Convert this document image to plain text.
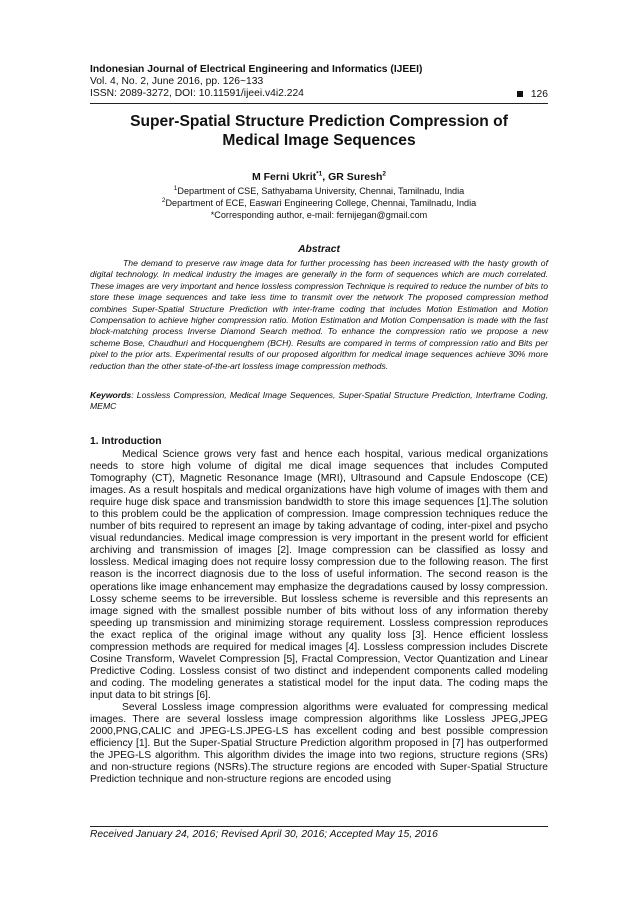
Indonesian Journal of Electrical Engineering and Informatics (IJEEI)
Vol. 4, No. 2, June 2016, pp. 126~133
ISSN: 2089-3272, DOI: 10.11591/ijeei.v4i2.224	126
Super-Spatial Structure Prediction Compression of
Medical Image Sequences
M Ferni Ukrit$^{*1}$, GR Suresh$^2$
$^1$Department of CSE, Sathyabama University, Chennai, Tamilnadu, India
$^2$Department of ECE, Easwari Engineering College, Chennai, Tamilnadu, India
*Corresponding author, e-mail: fernijegan@gmail.com
Abstract

The demand to preserve raw image data for further processing has been increased with the hasty growth of digital technology. In medical industry the images are generally in the form of sequences which are much correlated. These images are very important and hence lossless compression Technique is required to reduce the number of bits to store these image sequences and take less time to transmit over the network The proposed compression method combines Super-Spatial Structure Prediction with inter-frame coding that includes Motion Estimation and Motion Compensation to achieve higher compression ratio. Motion Estimation and Motion Compensation is made with the fast block-matching process Inverse Diamond Search method. To enhance the compression ratio we propose a new scheme Bose, Chaudhuri and Hocquenghem (BCH). Results are compared in terms of compression ratio and Bits per pixel to the prior arts. Experimental results of our proposed algorithm for medical image sequences achieve 30% more reduction than the other state-of-the-art lossless image compression methods.

Keywords: Lossless Compression, Medical Image Sequences, Super-Spatial Structure Prediction, Interframe Coding, MEMC
1. Introduction

Medical Science grows very fast and hence each hospital, various medical organizations needs to store high volume of digital me dical image sequences that includes Computed Tomography (CT), Magnetic Resonance Image (MRI), Ultrasound and Capsule Endoscope (CE) images. As a result hospitals and medical organizations have high volume of images with them and require huge disk space and transmission bandwidth to store this image sequences [1].The solution to this problem could be the application of compression. Image compression techniques reduce the number of bits required to represent an image by taking advantage of coding, inter-pixel and psycho visual redundancies. Medical image compression is very important in the present world for efficient archiving and transmission of images [2]. Image compression can be classified as lossy and lossless. Medical imaging does not require lossy compression due to the following reason. The first reason is the incorrect diagnosis due to the loss of useful information. The second reason is the operations like image enhancement may emphasize the degradations caused by lossy compression. Lossy scheme seems to be irreversible. But lossless scheme is reversible and this represents an image signed with the smallest possible number of bits without loss of any information thereby speeding up transmission and minimizing storage requirement. Lossless compression reproduces the exact replica of the original image without any quality loss [3]. Hence efficient lossless compression methods are required for medical images [4]. Lossless compression includes Discrete Cosine Transform, Wavelet Compression [5], Fractal Compression, Vector Quantization and Linear Predictive Coding. Lossless consist of two distinct and independent components called modeling and coding. The modeling generates a statistical model for the input data. The coding maps the input data to bit strings [6].

Several Lossless image compression algorithms were evaluated for compressing medical images. There are several lossless image compression algorithms like Lossless JPEG,JPEG 2000,PNG,CALIC and JPEG-LS.JPEG-LS has excellent coding and best possible compression efficiency [1]. But the Super-Spatial Structure Prediction algorithm proposed in [7] has outperformed the JPEG-LS algorithm. This algorithm divides the image into two regions, structure regions (SRs) and non-structure regions (NSRs).The structure regions are encoded with Super-Spatial Structure Prediction technique and non-structure regions are encoded using

Received January 24, 2016; Revised April 30, 2016; Accepted May 15, 2016
